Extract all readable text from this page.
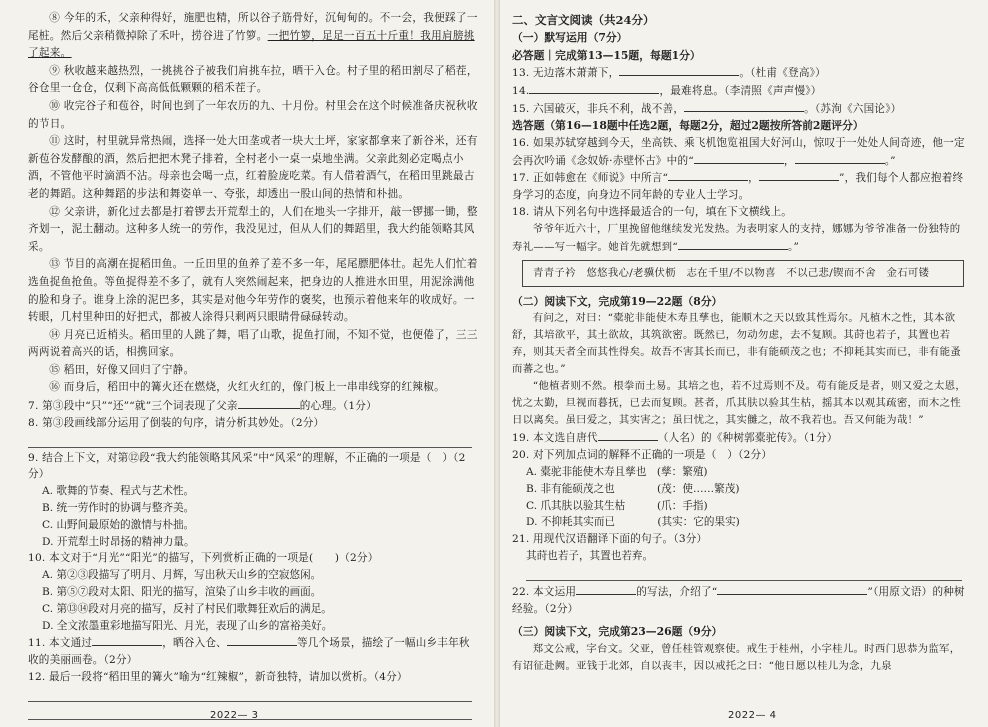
⑧ 今年的禾，父亲种得好，施肥也精，所以谷子筋骨好，沉甸甸的。不一会，我便踩了一尾桩。然后父亲稍微掉除了禾叶，捞谷进了竹箩。一把竹箩，足足一百五十斤重！我用肩膀挑了起来。

⑨ 秋收越来越热烈，一挑挑谷子被我们肩挑车拉，晒干入仓。村子里的稻田割尽了稻茬，谷仓里一仓仓，仅剩下高高低低颗颗的稻禾茬子。

⑩ 收完谷子和苞谷，时间也到了一年农历的九、十月份。村里会在这个时候准备庆祝秋收的节日。

⑪ 这时，村里就异常热闹，选择一处大田垄或者一块大土坪，家家都拿来了新谷米，还有新苞谷发酵酿的酒，然后把把木凳子排着，全村老小一桌一桌地坐满。父亲此刻必定喝点小酒，不管他平时滴酒不沾。母亲也会喝一点，红着脸庞吃菜。有人借着酒气，在稻田里跳最古老的舞蹈。这种舞蹈的步法和舞姿单一、夸张，却透出一股山间的热情和朴拙。

⑫ 父亲讲，新化过去都是打着锣去开荒犁土的，人们在地头一字排开，敲一锣挪一锄，整齐划一，泥土翻动。这种多人统一的劳作，我没见过，但从人们的舞蹈里，我大约能领略其风采。

⑬ 节目的高潮在捉稻田鱼。一丘田里的鱼养了差不多一年，尾尾膘肥体壮。起先人们忙着选鱼捉鱼抢鱼。等鱼捉得差不多了，就有人突然闹起来，把身边的人推进水田里，用泥涂满他的脸和身子。谁身上涂的泥巴多，其实是对他今年劳作的褒奖，也预示着他来年的收成好。一转眼，几村里种田的好把式，都被人涂得只剩两只眼睛骨碌碌转动。

⑭ 月亮已近梢头。稻田里的人跳了舞，唱了山歌，捉鱼打闹，不知不觉，也便倦了，三三两两说着高兴的话，相携回家。

⑮ 稻田，好像又回归了宁静。

⑯ 而身后，稻田中的篝火还在燃烧，火红火红的，像门板上一串串线穿的红辣椒。

7. 第③段中“只”“还”“就”三个词表现了父亲	的心理。（1分）

8. 第③段画线部分运用了倒装的句序，请分析其妙处。（2分）

9. 结合上下文，对第⑫段“我大约能领略其风采”中“风采”的理解，不正确的一项是（　）（2分）

A. 歌舞的节奏、程式与艺术性。

B. 统一劳作时的协调与整齐美。

C. 山野间最原始的激情与朴拙。

D. 开荒犁土时昂扬的精神力量。

10. 本文对于“月光”“阳光”的描写，下列赏析正确的一项是(　　)（2分）

A. 第②③段描写了明月、月辉，写出秋天山乡的空寂悠闲。

B. 第⑤⑦段对太阳、阳光的描写，渲染了山乡丰收的画面。

C. 第⑬⑭段对月亮的描写，反衬了村民们歌舞狂欢后的满足。

D. 全文浓墨重彩地描写阳光、月光，表现了山乡的富裕美好。

11. 本文通过	，晒谷入仓、	等几个场景，描绘了一幅山乡丰年秋收的美丽画卷。（2分）

12. 最后一段将“稻田里的篝火”喻为“红辣椒”，新奇独特，请加以赏析。（4分）

2022— 3

二、文言文阅读（共24分）

（一）默写运用（7分）

必答题｜完成第13—15题，每题1分）

13. 无边落木萧萧下，	。（杜甫《登高》）

14.	，最难将息。（李清照《声声慢》）

15. 六国破灭，非兵不利，战不善，	。（苏洵《六国论》）

选答题（第16—18题中任选2题，每题2分，超过2题按所答前2题评分）

16. 如果苏轼穿越到今天，坐高铁、乘飞机饱览祖国大好河山，惊叹于一处处人间奇迹，他一定会再次吟诵《念奴娇·赤壁怀古》中的“	，	。”

17. 正如韩愈在《师说》中所言“	，	”，我们每个人都应抱着终身学习的态度，向身边不同年龄的专业人士学习。

18. 请从下列名句中选择最适合的一句，填在下文横线上。

爷爷年近六十，厂里挽留他继续发光发热。为表明家人的支持，娜娜为爷爷准备一份独特的寿礼——写一幅字。她首先就想到“	。”

青青子衿　悠悠我心/老骥伏枥　志在千里/不以物喜　不以己悲/锲而不舍　金石可镂

（二）阅读下文，完成第19—22题（8分）

有问之，对曰：“橐驼非能使木寿且孳也，能顺木之天以致其性焉尔。凡植木之性，其本欲舒，其培欲平，其土欲故，其筑欲密。既然已，勿动勿虑，去不复顾。其莳也若子，其置也若弃，则其天者全而其性得矣。故吾不害其长而已，非有能硕茂之也；不抑耗其实而已，非有能蚤而蕃之也。”

“他植者则不然。根拳而土易。其培之也，若不过焉则不及。苟有能反是者，则又爱之太恩，忧之太勤，旦视而暮抚，已去而复顾。甚者，爪其肤以验其生枯，摇其本以观其疏密，而木之性日以离矣。虽曰爱之，其实害之；虽曰忧之，其实雠之，故不我若也。吾又何能为哉！”

19. 本文选自唐代	（人名）的《种树郭橐驼传》。（1分）

20. 对下列加点词的解释不正确的一项是（　）（2分）

A. 橐驼非能使木寿且孳也　(孳：繁殖)

B. 非有能硕茂之也　　　　(茂：使……繁茂)

C. 爪其肤以验其生枯　　　(爪：手指)

D. 不抑耗其实而已　　　　(其实：它的果实)

21. 用现代汉语翻译下面的句子。（3分）

其莳也若子，其置也若弃。

22. 本文运用	的写法，介绍了“	”（用原文语）的种树经验。（2分）

（三）阅读下文，完成第23—26题（9分）

郑文公戒，字台文。父亚，曾任桂管观察使。戒生于桂州，小字桂儿。时西门思恭为监军，有诏征赴阙。亚钱于北郊，自以丧丰，因以戒托之曰：“他日愿以桂儿为念，九泉

2022— 4
